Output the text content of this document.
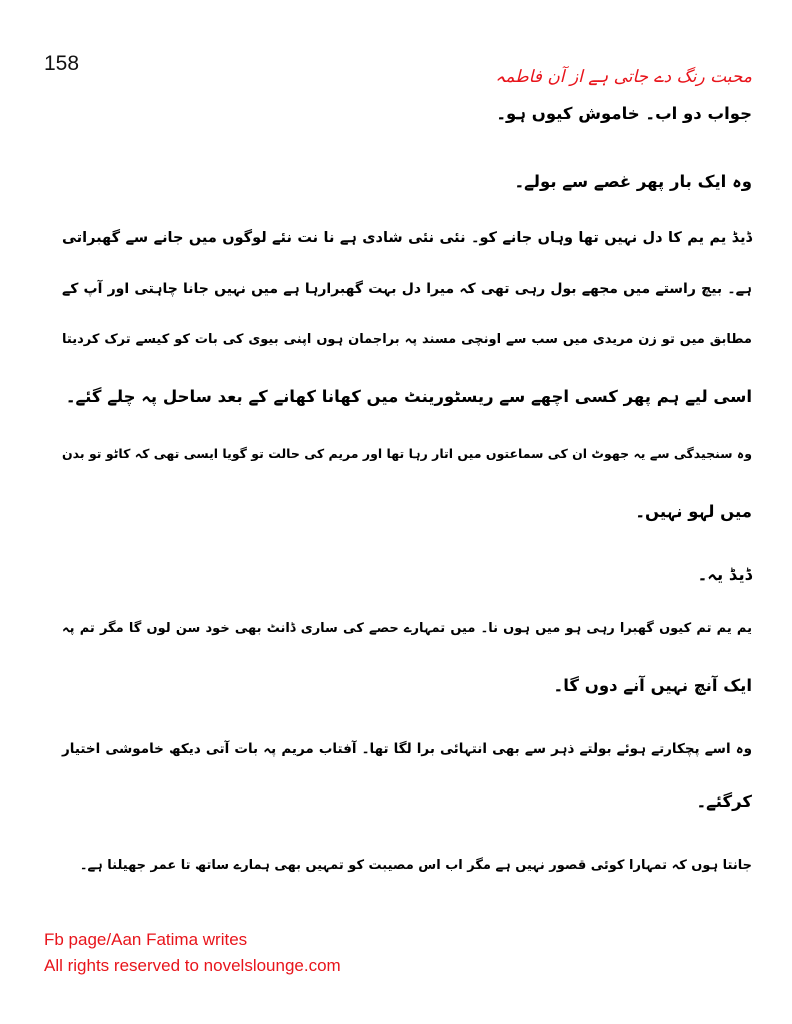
158
محبت رنگ دے جاتی ہے از آن فاطمہ
جواب دو اب۔ خاموش کیوں ہو۔
وہ ایک بار پھر غصے سے بولے۔
ڈیڈ یم یم کا دل نہیں تھا وہاں جانے کو۔ نئی نئی شادی ہے نا نت نئے لوگوں میں جانے سے گھبراتی
ہے۔ بیچ راستے میں مجھے بول رہی تھی کہ میرا دل بہت گھبرارہا ہے میں نہیں جانا چاہتی اور آپ کے
مطابق میں تو زن مریدی میں سب سے اونچی مسند پہ براجمان ہوں اپنی بیوی کی بات کو کیسے ترک کردیتا
اسی لیے ہم پھر کسی اچھے سے ریسٹورینٹ میں کھانا کھانے کے بعد ساحل پہ چلے گئے۔
وہ سنجیدگی سے یہ جھوٹ ان کی سماعتوں میں اتار رہا تھا اور مریم کی حالت تو گویا ایسی تھی کہ کاٹو تو بدن
میں لہو نہیں۔
ڈیڈ یہ۔
یم یم تم کیوں گھبرا رہی ہو میں ہوں نا۔ میں تمہارے حصے کی ساری ڈانٹ بھی خود سن لوں گا مگر تم پہ
ایک آنچ نہیں آنے دوں گا۔
وہ اسے پچکارتے ہوئے بولتے ذہر سے بھی انتہائی برا لگا تھا۔ آفتاب مریم پہ بات آتی دیکھ خاموشی اختیار
کرگئے۔
جانتا ہوں کہ تمہارا کوئی قصور نہیں ہے مگر اب اس مصیبت کو تمہیں بھی ہمارے ساتھ تا عمر جھیلنا ہے۔
Fb page/Aan Fatima writes
All rights reserved to novelslounge.com
